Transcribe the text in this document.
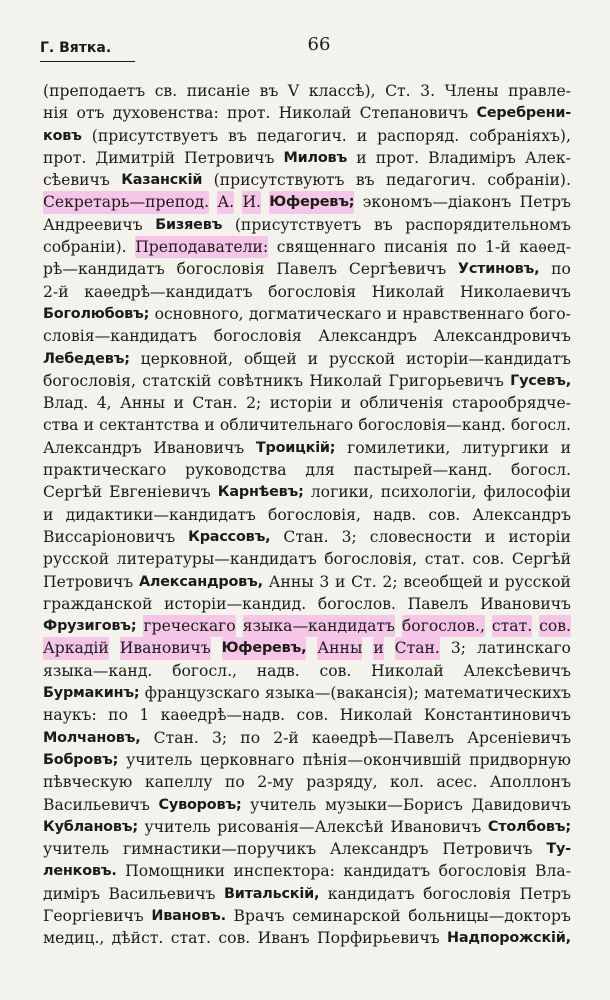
Г. Вятка.	66
(преподаетъ св. писаніе въ V классѣ), Ст. 3. Члены правле-
нія отъ духовенства: прот. Николай Степановичъ Серебрени-
ковъ (присутствуетъ въ педагогич. и распоряд. собраніяхъ),
прот. Димитрій Петровичъ Миловъ и прот. Владиміръ Алек-
сѣевичъ Казанскій (присутствуютъ въ педагогич. собраніи).
Секретарь—препод. А. И. Юферевъ; экономъ—діаконъ Петръ
Андреевичъ Бизяевъ (присутствуетъ въ распорядительномъ
собраніи). Преподаватели: священнаго писанія по 1-й каѳед-
рѣ—кандидатъ богословія Павелъ Сергѣевичъ Устиновъ, по
2-й каѳедрѣ—кандидатъ богословія Николай Николаевичъ
Боголюбовъ; основного, догматическаго и нравственнаго бого-
словія—кандидатъ богословія Александръ Александровичъ
Лебедевъ; церковной, общей и русской исторіи—кандидатъ
богословія, статскій совѣтникъ Николай Григорьевичъ Гусевъ,
Влад. 4, Анны и Стан. 2; исторіи и обличенія старообрядче-
ства и сектантства и обличительнаго богословія—канд. богосл.
Александръ Ивановичъ Троицкій; гомилетики, литургики и
практическаго руководства для пастырей—канд. богосл.
Сергѣй Евгеніевичъ Карнѣевъ; логики, психологіи, философіи
и дидактики—кандидатъ богословія, надв. сов. Александръ
Виссаріоновичъ Крассовъ, Стан. 3; словесности и исторіи
русской литературы—кандидатъ богословія, стат. сов. Сергѣй
Петровичъ Александровъ, Анны 3 и Ст. 2; всеобщей и русской
гражданской исторіи—кандид. богослов. Павелъ Ивановичъ
Фрузиговъ; греческаго языка—кандидатъ богослов., стат. сов.
Аркадій Ивановичъ Юферевъ, Анны и Стан. 3; латинскаго
языка—канд. богосл., надв. сов. Николай Алексѣевичъ
Бурмакинъ; французскаго языка—(вакансія); математическихъ
наукъ: по 1 каѳедрѣ—надв. сов. Николай Константиновичъ
Молчановъ, Стан. 3; по 2-й каѳедрѣ—Павелъ Арсеніевичъ
Бобровъ; учитель церковнаго пѣнія—окончившій придворную
пѣвческую капеллу по 2-му разряду, кол. асес. Аполлонъ
Васильевичъ Суворовъ; учитель музыки—Борисъ Давидовичъ
Кублановъ; учитель рисованія—Алексѣй Ивановичъ Столбовъ;
учитель гимнастики—поручикъ Александръ Петровичъ Ту-
ленковъ. Помощники инспектора: кандидатъ богословія Вла-
диміръ Васильевичъ Витальскій, кандидатъ богословія Петръ
Георгіевичъ Ивановъ. Врачъ семинарской больницы—докторъ
медиц., дѣйст. стат. сов. Иванъ Порфирьевичъ Надпорожскій,
